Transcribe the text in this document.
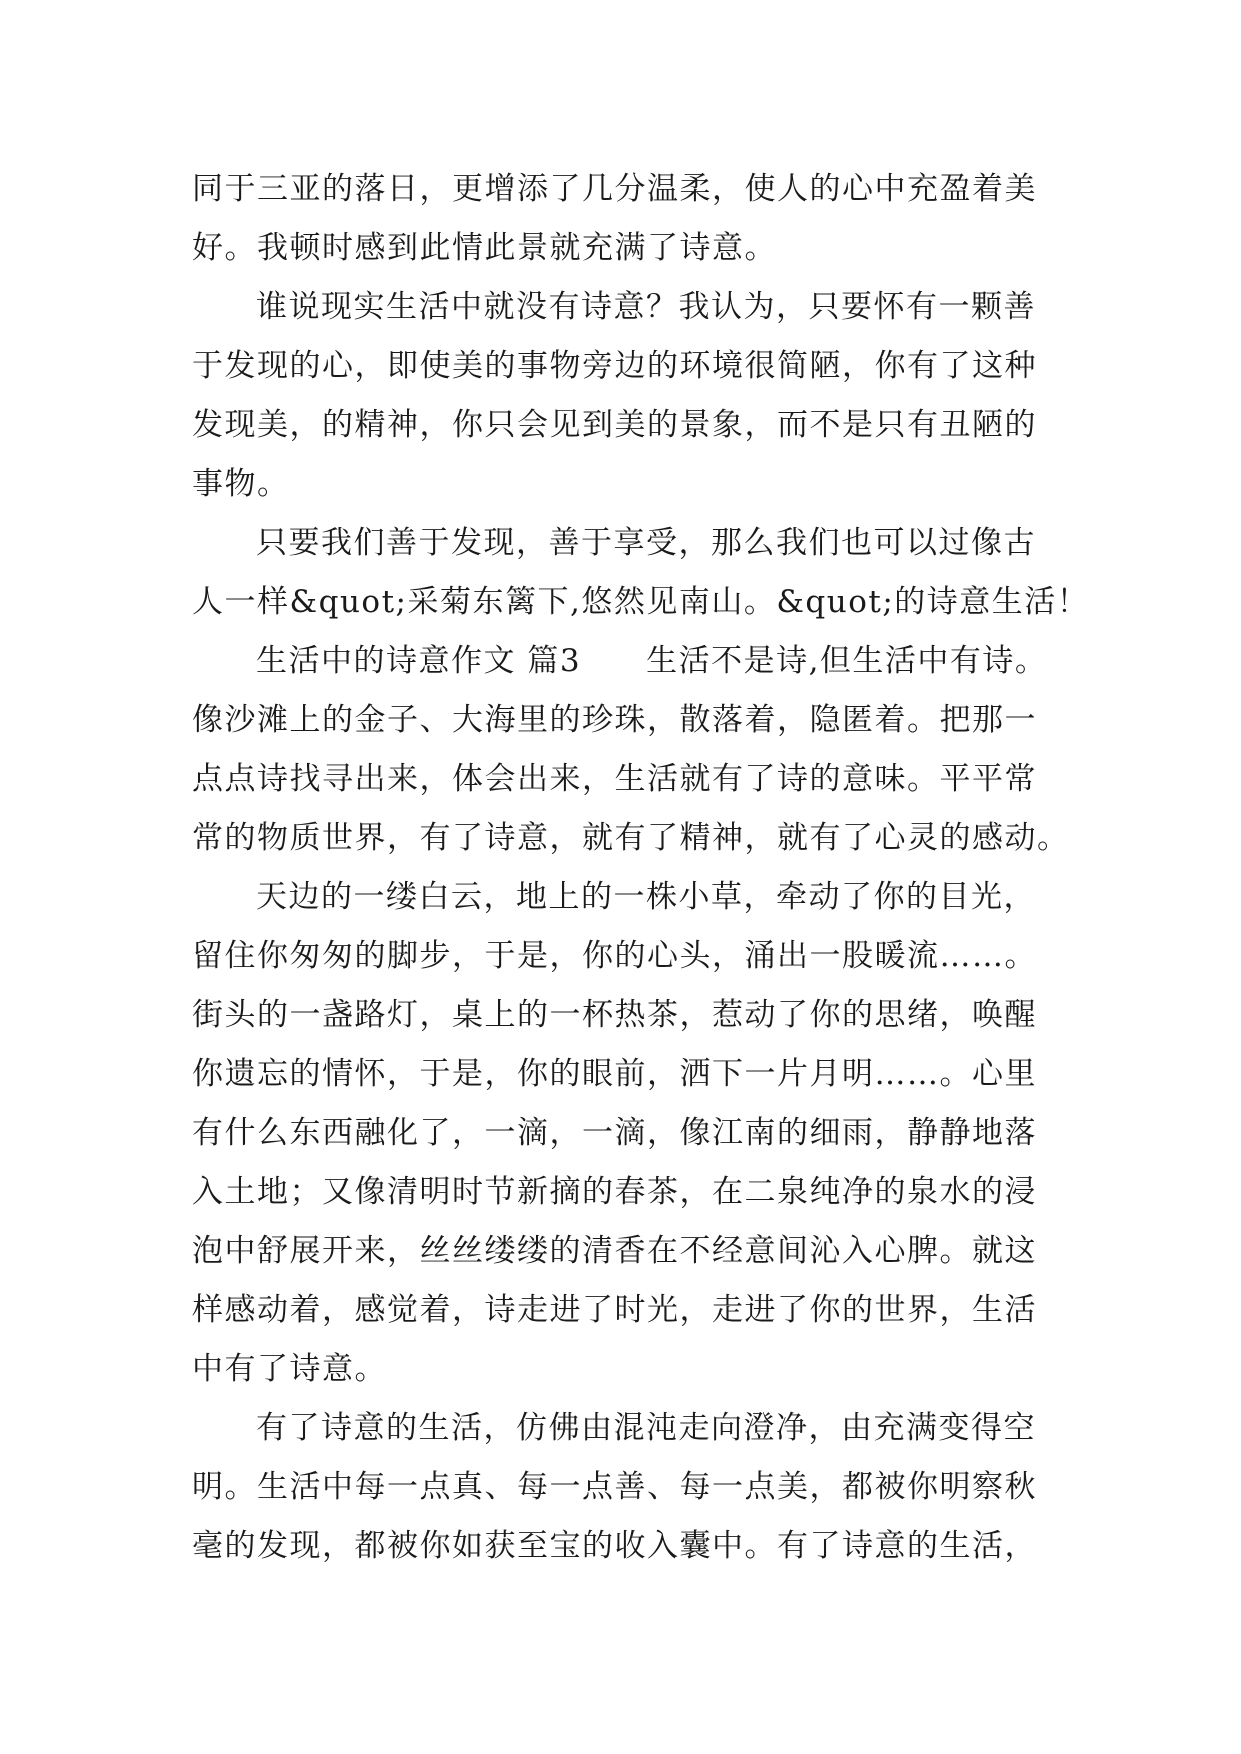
同于三亚的落日，更增添了几分温柔，使人的心中充盈着美
好。我顿时感到此情此景就充满了诗意。
谁说现实生活中就没有诗意？我认为，只要怀有一颗善
于发现的心，即使美的事物旁边的环境很简陋，你有了这种
发现美，的精神，你只会见到美的景象，而不是只有丑陋的
事物。
只要我们善于发现，善于享受，那么我们也可以过像古
人一样&quot;采菊东篱下,悠然见南山。&quot;的诗意生活！
生活中的诗意作文 篇3　　生活不是诗,但生活中有诗。
像沙滩上的金子、大海里的珍珠，散落着，隐匿着。把那一
点点诗找寻出来，体会出来，生活就有了诗的意味。平平常
常的物质世界，有了诗意，就有了精神，就有了心灵的感动。
天边的一缕白云，地上的一株小草，牵动了你的目光，
留住你匆匆的脚步，于是，你的心头，涌出一股暖流……。
街头的一盏路灯，桌上的一杯热茶，惹动了你的思绪，唤醒
你遗忘的情怀，于是，你的眼前，洒下一片月明……。心里
有什么东西融化了，一滴，一滴，像江南的细雨，静静地落
入土地；又像清明时节新摘的春茶，在二泉纯净的泉水的浸
泡中舒展开来，丝丝缕缕的清香在不经意间沁入心脾。就这
样感动着，感觉着，诗走进了时光，走进了你的世界，生活
中有了诗意。
有了诗意的生活，仿佛由混沌走向澄净，由充满变得空
明。生活中每一点真、每一点善、每一点美，都被你明察秋
毫的发现，都被你如获至宝的收入囊中。有了诗意的生活，
